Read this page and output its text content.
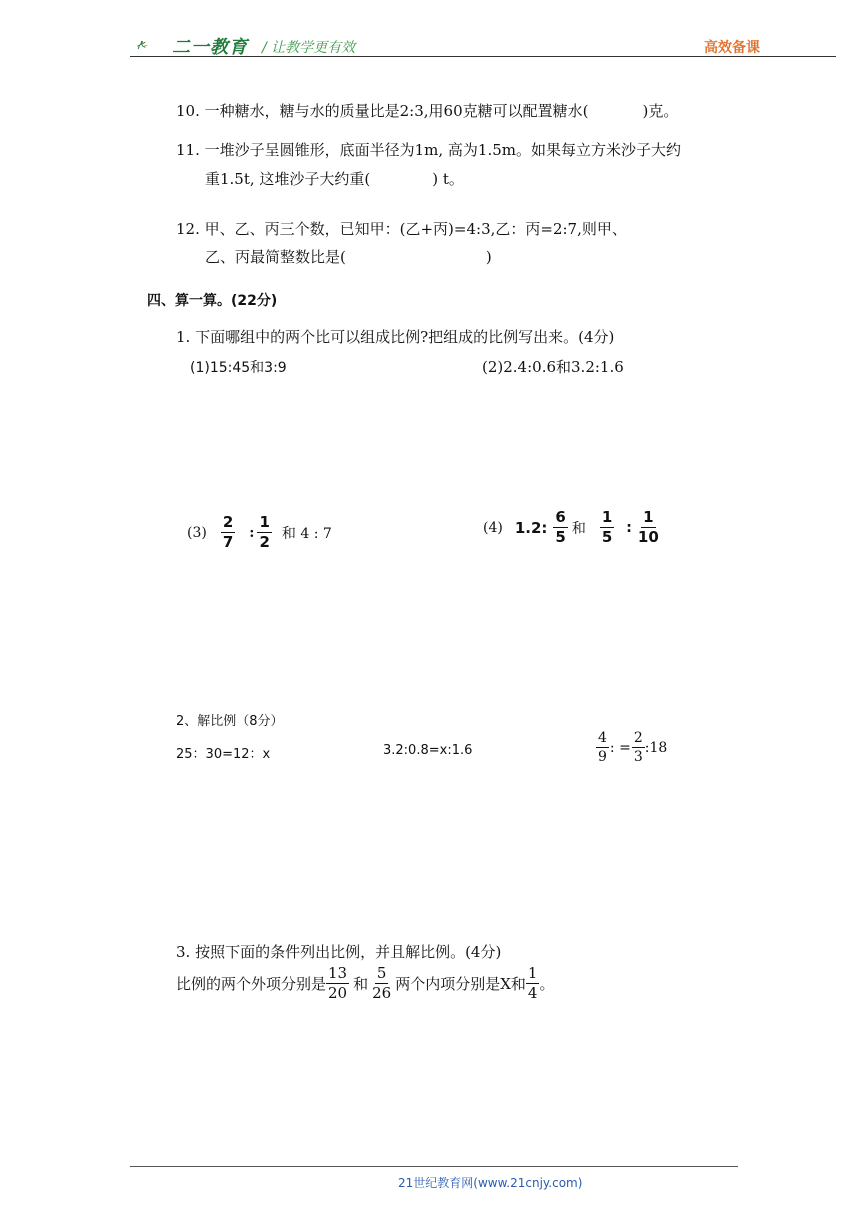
二一教育 / 让教学更有效	高效备课
10. 一种糖水，糖与水的质量比是2:3,用60克糖可以配置糖水(	)克。
11. 一堆沙子呈圆锥形，底面半径为1m, 高为1.5m。如果每立方米沙子大约
重1.5t, 这堆沙子大约重(	) t。
12. 甲、乙、丙三个数，已知甲：(乙+丙)=4:3,乙：丙=2:7,则甲、
乙、丙最简整数比是(	)
四、算一算。(22分)
1. 下面哪组中的两个比可以组成比例?把组成的比例写出来。(4分)
(1)15:45和3:9	(2)2.4:0.6和3.2:1.6
$(3) \frac{2}{7}$ : $\frac{1}{2}$ 和 4 : 7	(4) 1.2: $\frac{6}{5}$ 和 $\frac{1}{5}$ : $\frac{1}{10}$
2、解比例（8分）
25：30=12：x	3.2:0.8=x:1.6	$\frac{4}{9}$ : = $\frac{2}{3}$ :18
3. 按照下面的条件列出比例，并且解比例。(4分)
比例的两个外项分别是 $\frac{13}{20}$ 和 $\frac{5}{26}$ 两个内项分别是X和 $\frac{1}{4}$ 。
21世纪教育网(www.21cnjy.com)
